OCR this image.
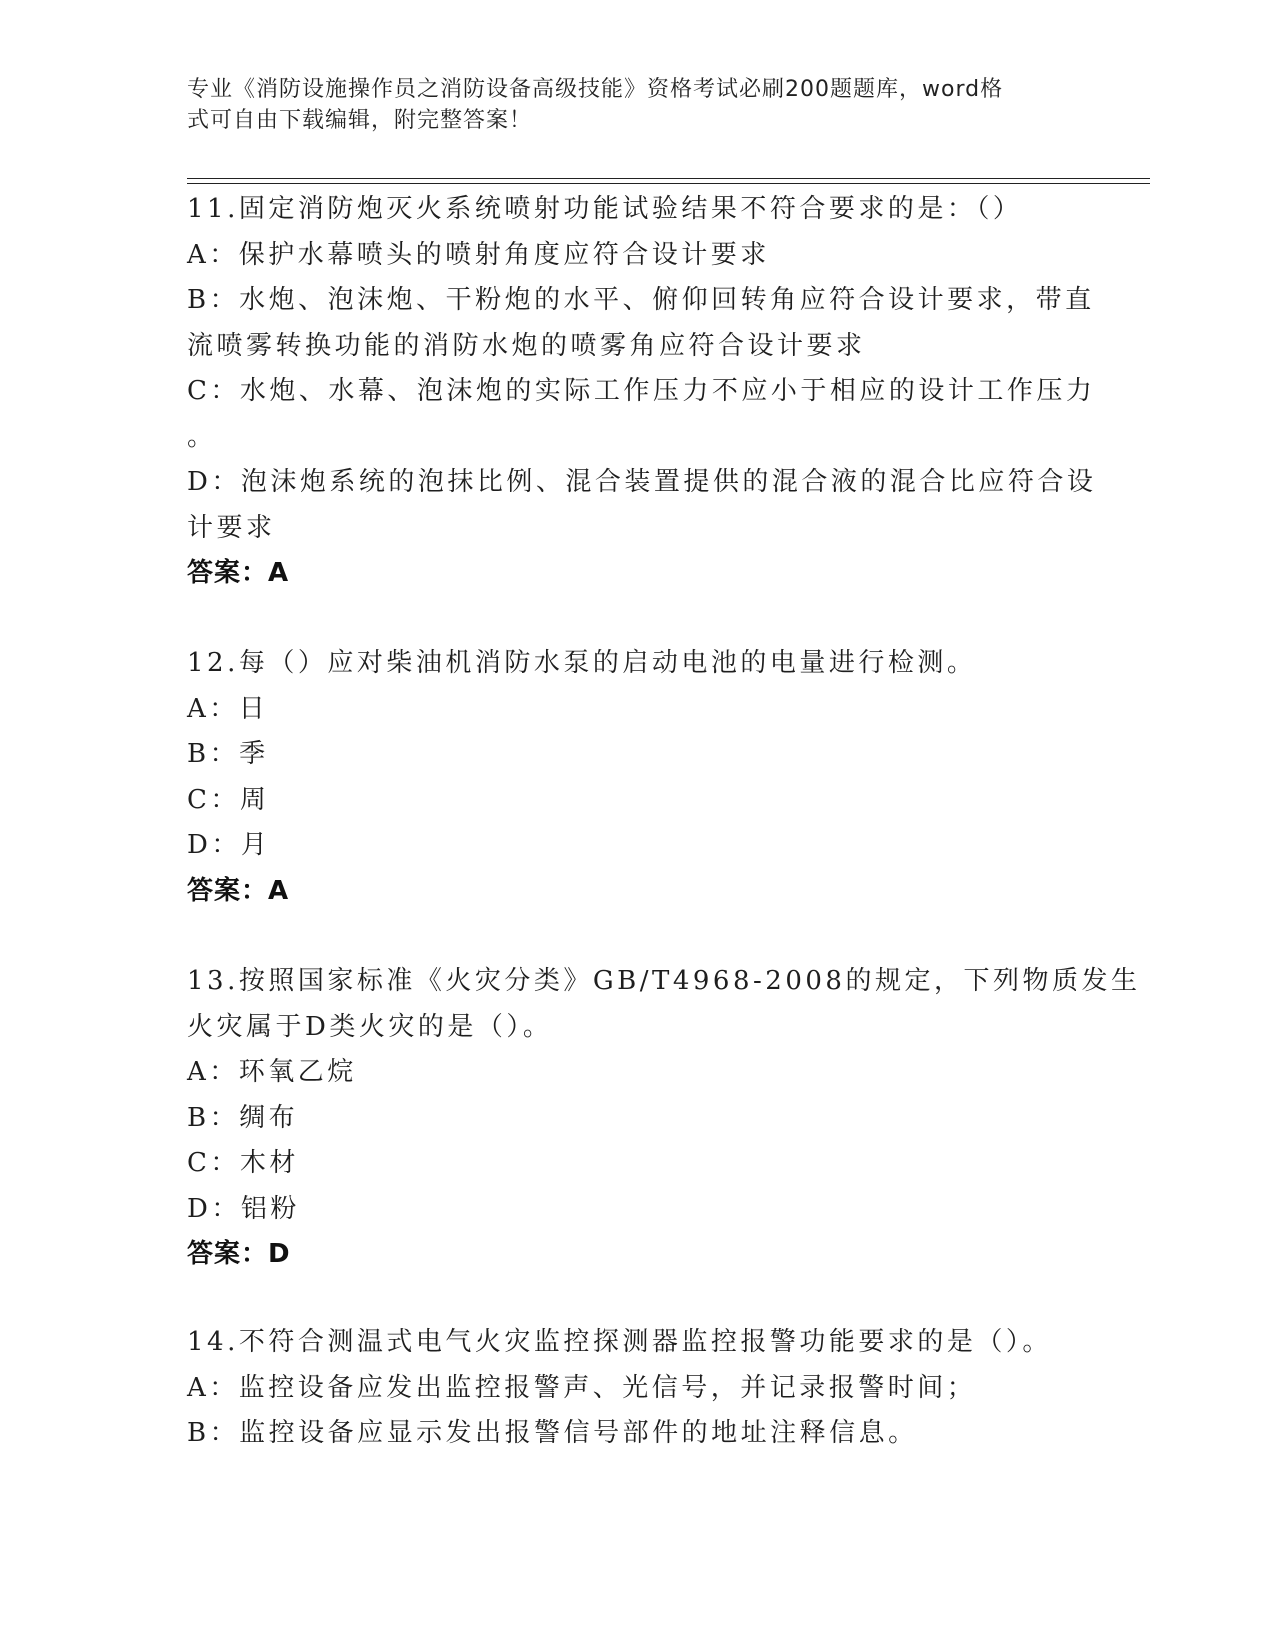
专业《消防设施操作员之消防设备高级技能》资格考试必刷200题题库，word格
式可自由下载编辑，附完整答案！
11.固定消防炮灭火系统喷射功能试验结果不符合要求的是：（）
A：保护水幕喷头的喷射角度应符合设计要求
B：水炮、泡沫炮、干粉炮的水平、俯仰回转角应符合设计要求，带直
流喷雾转换功能的消防水炮的喷雾角应符合设计要求
C：水炮、水幕、泡沫炮的实际工作压力不应小于相应的设计工作压力
。
D：泡沫炮系统的泡抹比例、混合装置提供的混合液的混合比应符合设
计要求
答案：A
12.每（）应对柴油机消防水泵的启动电池的电量进行检测。
A：日
B：季
C：周
D：月
答案：A
13.按照国家标准《火灾分类》GB/T4968-2008的规定，下列物质发生
火灾属于D类火灾的是（）。
A：环氧乙烷
B：绸布
C：木材
D：铝粉
答案：D
14.不符合测温式电气火灾监控探测器监控报警功能要求的是（）。
A：监控设备应发出监控报警声、光信号，并记录报警时间；
B：监控设备应显示发出报警信号部件的地址注释信息。
